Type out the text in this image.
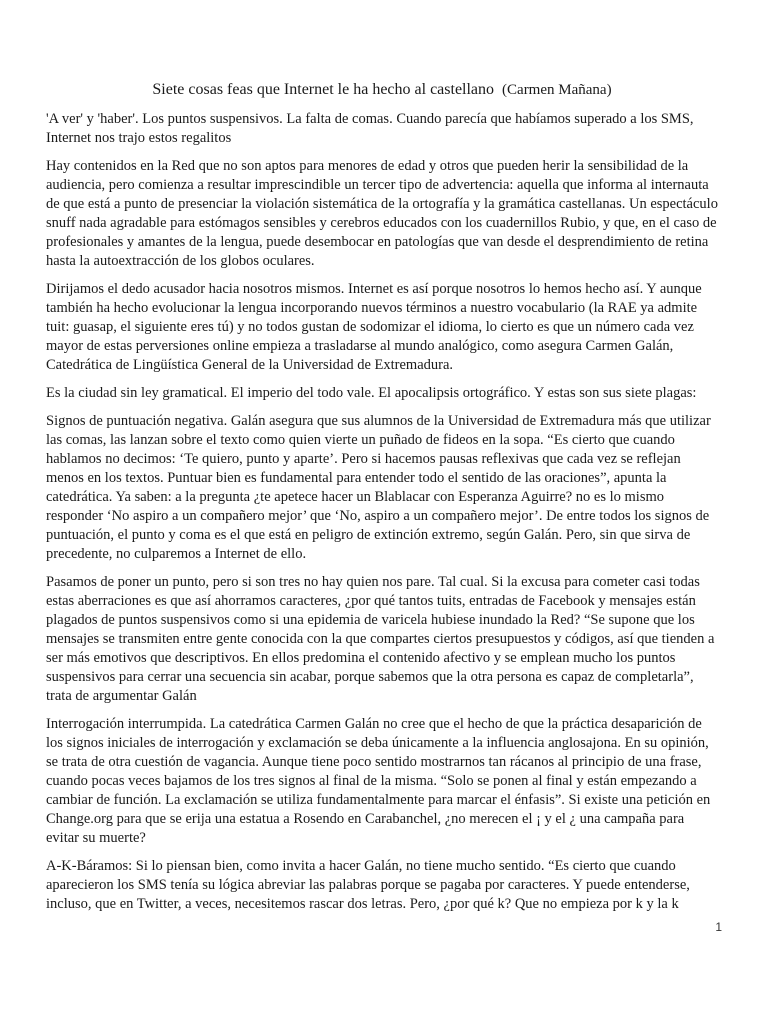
Siete cosas feas que Internet le ha hecho al castellano (Carmen Mañana)

'A ver' y 'haber'. Los puntos suspensivos. La falta de comas. Cuando parecía que habíamos superado a los SMS, Internet nos trajo estos regalitos

Hay contenidos en la Red que no son aptos para menores de edad y otros que pueden herir la sensibilidad de la audiencia, pero comienza a resultar imprescindible un tercer tipo de advertencia: aquella que informa al internauta de que está a punto de presenciar la violación sistemática de la ortografía y la gramática castellanas. Un espectáculo snuff nada agradable para estómagos sensibles y cerebros educados con los cuadernillos Rubio, y que, en el caso de profesionales y amantes de la lengua, puede desembocar en patologías que van desde el desprendimiento de retina hasta la autoextracción de los globos oculares.

Dirijamos el dedo acusador hacia nosotros mismos. Internet es así porque nosotros lo hemos hecho así. Y aunque también ha hecho evolucionar la lengua incorporando nuevos términos a nuestro vocabulario (la RAE ya admite tuit: guasap, el siguiente eres tú) y no todos gustan de sodomizar el idioma, lo cierto es que un número cada vez mayor de estas perversiones online empieza a trasladarse al mundo analógico, como asegura Carmen Galán, Catedrática de Lingüística General de la Universidad de Extremadura.

Es la ciudad sin ley gramatical. El imperio del todo vale. El apocalipsis ortográfico. Y estas son sus siete plagas:

Signos de puntuación negativa. Galán asegura que sus alumnos de la Universidad de Extremadura más que utilizar las comas, las lanzan sobre el texto como quien vierte un puñado de fideos en la sopa. “Es cierto que cuando hablamos no decimos: ‘Te quiero, punto y aparte’. Pero si hacemos pausas reflexivas que cada vez se reflejan menos en los textos. Puntuar bien es fundamental para entender todo el sentido de las oraciones”, apunta la catedrática. Ya saben: a la pregunta ¿te apetece hacer un Blablacar con Esperanza Aguirre? no es lo mismo responder ‘No aspiro a un compañero mejor’ que ‘No, aspiro a un compañero mejor’. De entre todos los signos de puntuación, el punto y coma es el que está en peligro de extinción extremo, según Galán. Pero, sin que sirva de precedente, no culparemos a Internet de ello.

Pasamos de poner un punto, pero si son tres no hay quien nos pare. Tal cual. Si la excusa para cometer casi todas estas aberraciones es que así ahorramos caracteres, ¿por qué tantos tuits, entradas de Facebook y mensajes están plagados de puntos suspensivos como si una epidemia de varicela hubiese inundado la Red? “Se supone que los mensajes se transmiten entre gente conocida con la que compartes ciertos presupuestos y códigos, así que tienden a ser más emotivos que descriptivos. En ellos predomina el contenido afectivo y se emplean mucho los puntos suspensivos para cerrar una secuencia sin acabar, porque sabemos que la otra persona es capaz de completarla”, trata de argumentar Galán

Interrogación interrumpida. La catedrática Carmen Galán no cree que el hecho de que la práctica desaparición de los signos iniciales de interrogación y exclamación se deba únicamente a la influencia anglosajona. En su opinión, se trata de otra cuestión de vagancia. Aunque tiene poco sentido mostrarnos tan rácanos al principio de una frase, cuando pocas veces bajamos de los tres signos al final de la misma. “Solo se ponen al final y están empezando a cambiar de función. La exclamación se utiliza fundamentalmente para marcar el énfasis”. Si existe una petición en Change.org para que se erija una estatua a Rosendo en Carabanchel, ¿no merecen el ¡ y el ¿ una campaña para evitar su muerte?

A-K-Báramos: Si lo piensan bien, como invita a hacer Galán, no tiene mucho sentido. “Es cierto que cuando aparecieron los SMS tenía su lógica abreviar las palabras porque se pagaba por caracteres. Y puede entenderse, incluso, que en Twitter, a veces, necesitemos rascar dos letras. Pero, ¿por qué k? Que no empieza por k y la k

1
